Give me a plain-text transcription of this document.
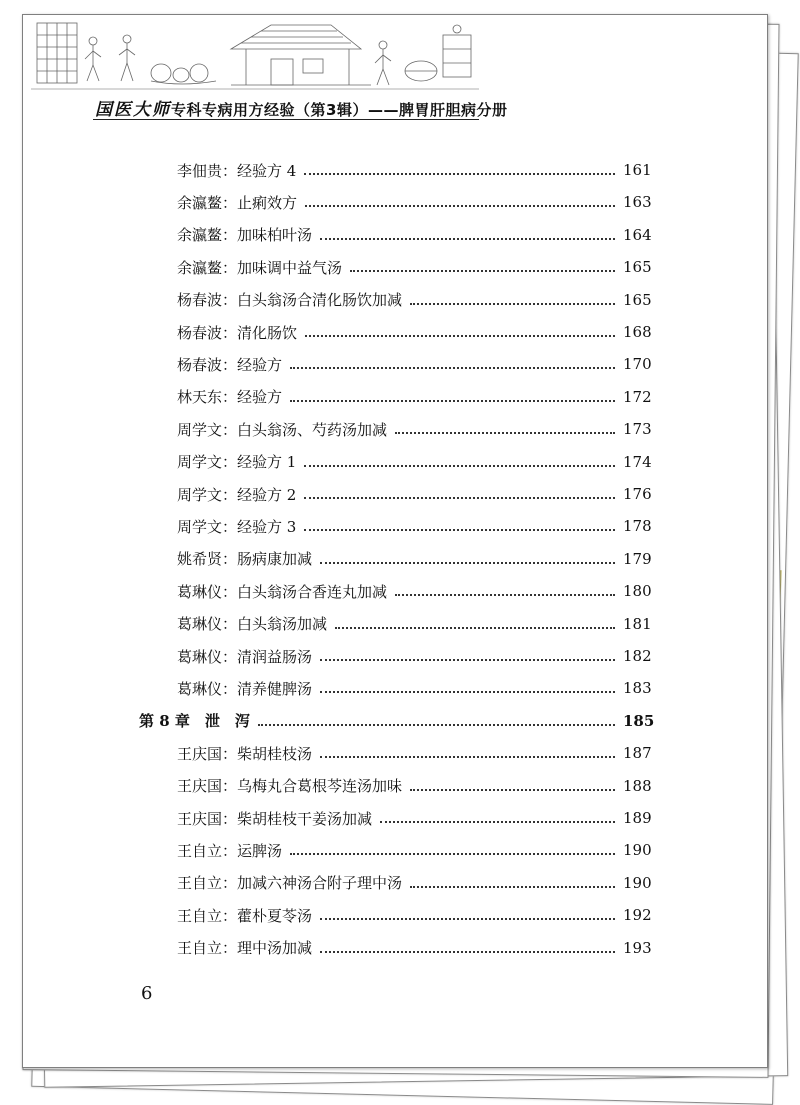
国医大师专科专病用方经验（第3辑）——脾胃肝胆病分册
李佃贵：经验方 4	161
余瀛鳌：止痢效方	163
余瀛鳌：加味柏叶汤	164
余瀛鳌：加味调中益气汤	165
杨春波：白头翁汤合清化肠饮加减	165
杨春波：清化肠饮	168
杨春波：经验方	170
林天东：经验方	172
周学文：白头翁汤、芍药汤加减	173
周学文：经验方 1	174
周学文：经验方 2	176
周学文：经验方 3	178
姚希贤：肠病康加减	179
葛琳仪：白头翁汤合香连丸加减	180
葛琳仪：白头翁汤加减	181
葛琳仪：清润益肠汤	182
葛琳仪：清养健脾汤	183
第 8 章　泄　泻	185
王庆国：柴胡桂枝汤	187
王庆国：乌梅丸合葛根芩连汤加味	188
王庆国：柴胡桂枝干姜汤加减	189
王自立：运脾汤	190
王自立：加减六神汤合附子理中汤	190
王自立：藿朴夏苓汤	192
王自立：理中汤加减	193
6
